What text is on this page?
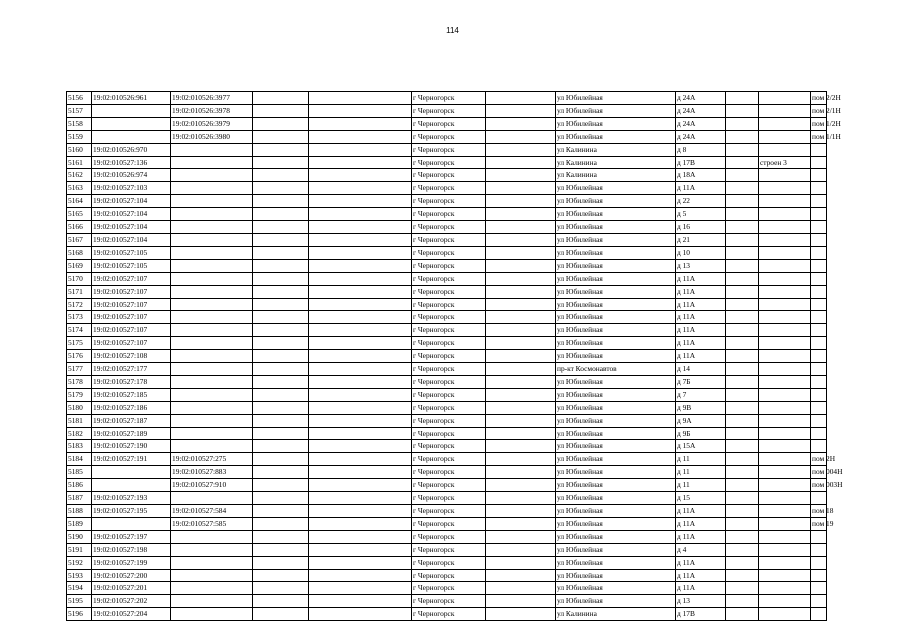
114
5156	19:02:010526:961	19:02:010526:3977			г Черногорск		ул Юбилейная	д 24А			пом 2/2Н
5157		19:02:010526:3978			г Черногорск		ул Юбилейная	д 24А			пом 2/1Н
5158		19:02:010526:3979			г Черногорск		ул Юбилейная	д 24А			пом 1/2Н
5159		19:02:010526:3980			г Черногорск		ул Юбилейная	д 24А			пом 1/1Н
5160	19:02:010526:970				г Черногорск		ул Калинина	д 8			
5161	19:02:010527:136				г Черногорск		ул Калинина	д 17В		строен 3	
5162	19:02:010526:974				г Черногорск		ул Калинина	д 18А			
5163	19:02:010527:103				г Черногорск		ул Юбилейная	д 11А			
5164	19:02:010527:104				г Черногорск		ул Юбилейная	д 22			
5165	19:02:010527:104				г Черногорск		ул Юбилейная	д 5			
5166	19:02:010527:104				г Черногорск		ул Юбилейная	д 16			
5167	19:02:010527:104				г Черногорск		ул Юбилейная	д 21			
5168	19:02:010527:105				г Черногорск		ул Юбилейная	д 10			
5169	19:02:010527:105				г Черногорск		ул Юбилейная	д 13			
5170	19:02:010527:107				г Черногорск		ул Юбилейная	д 11А			
5171	19:02:010527:107				г Черногорск		ул Юбилейная	д 11А			
5172	19:02:010527:107				г Черногорск		ул Юбилейная	д 11А			
5173	19:02:010527:107				г Черногорск		ул Юбилейная	д 11А			
5174	19:02:010527:107				г Черногорск		ул Юбилейная	д 11А			
5175	19:02:010527:107				г Черногорск		ул Юбилейная	д 11А			
5176	19:02:010527:108				г Черногорск		ул Юбилейная	д 11А			
5177	19:02:010527:177				г Черногорск		пр-кт Космонавтов	д 14			
5178	19:02:010527:178				г Черногорск		ул Юбилейная	д 7Б			
5179	19:02:010527:185				г Черногорск		ул Юбилейная	д 7			
5180	19:02:010527:186				г Черногорск		ул Юбилейная	д 9В			
5181	19:02:010527:187				г Черногорск		ул Юбилейная	д 9А			
5182	19:02:010527:189				г Черногорск		ул Юбилейная	д 9Б			
5183	19:02:010527:190				г Черногорск		ул Юбилейная	д 15А			
5184	19:02:010527:191	19:02:010527:275			г Черногорск		ул Юбилейная	д 11			пом 2Н
5185		19:02:010527:883			г Черногорск		ул Юбилейная	д 11			пом 004Н
5186		19:02:010527:910			г Черногорск		ул Юбилейная	д 11			пом 003Н
5187	19:02:010527:193				г Черногорск		ул Юбилейная	д 15			
5188	19:02:010527:195	19:02:010527:584			г Черногорск		ул Юбилейная	д 11А			пом 18
5189		19:02:010527:585			г Черногорск		ул Юбилейная	д 11А			пом 19
5190	19:02:010527:197				г Черногорск		ул Юбилейная	д 11А			
5191	19:02:010527:198				г Черногорск		ул Юбилейная	д 4			
5192	19:02:010527:199				г Черногорск		ул Юбилейная	д 11А			
5193	19:02:010527:200				г Черногорск		ул Юбилейная	д 11А			
5194	19:02:010527:201				г Черногорск		ул Юбилейная	д 11А			
5195	19:02:010527:202				г Черногорск		ул Юбилейная	д 13			
5196	19:02:010527:204				г Черногорск		ул Калинина	д 17В			
